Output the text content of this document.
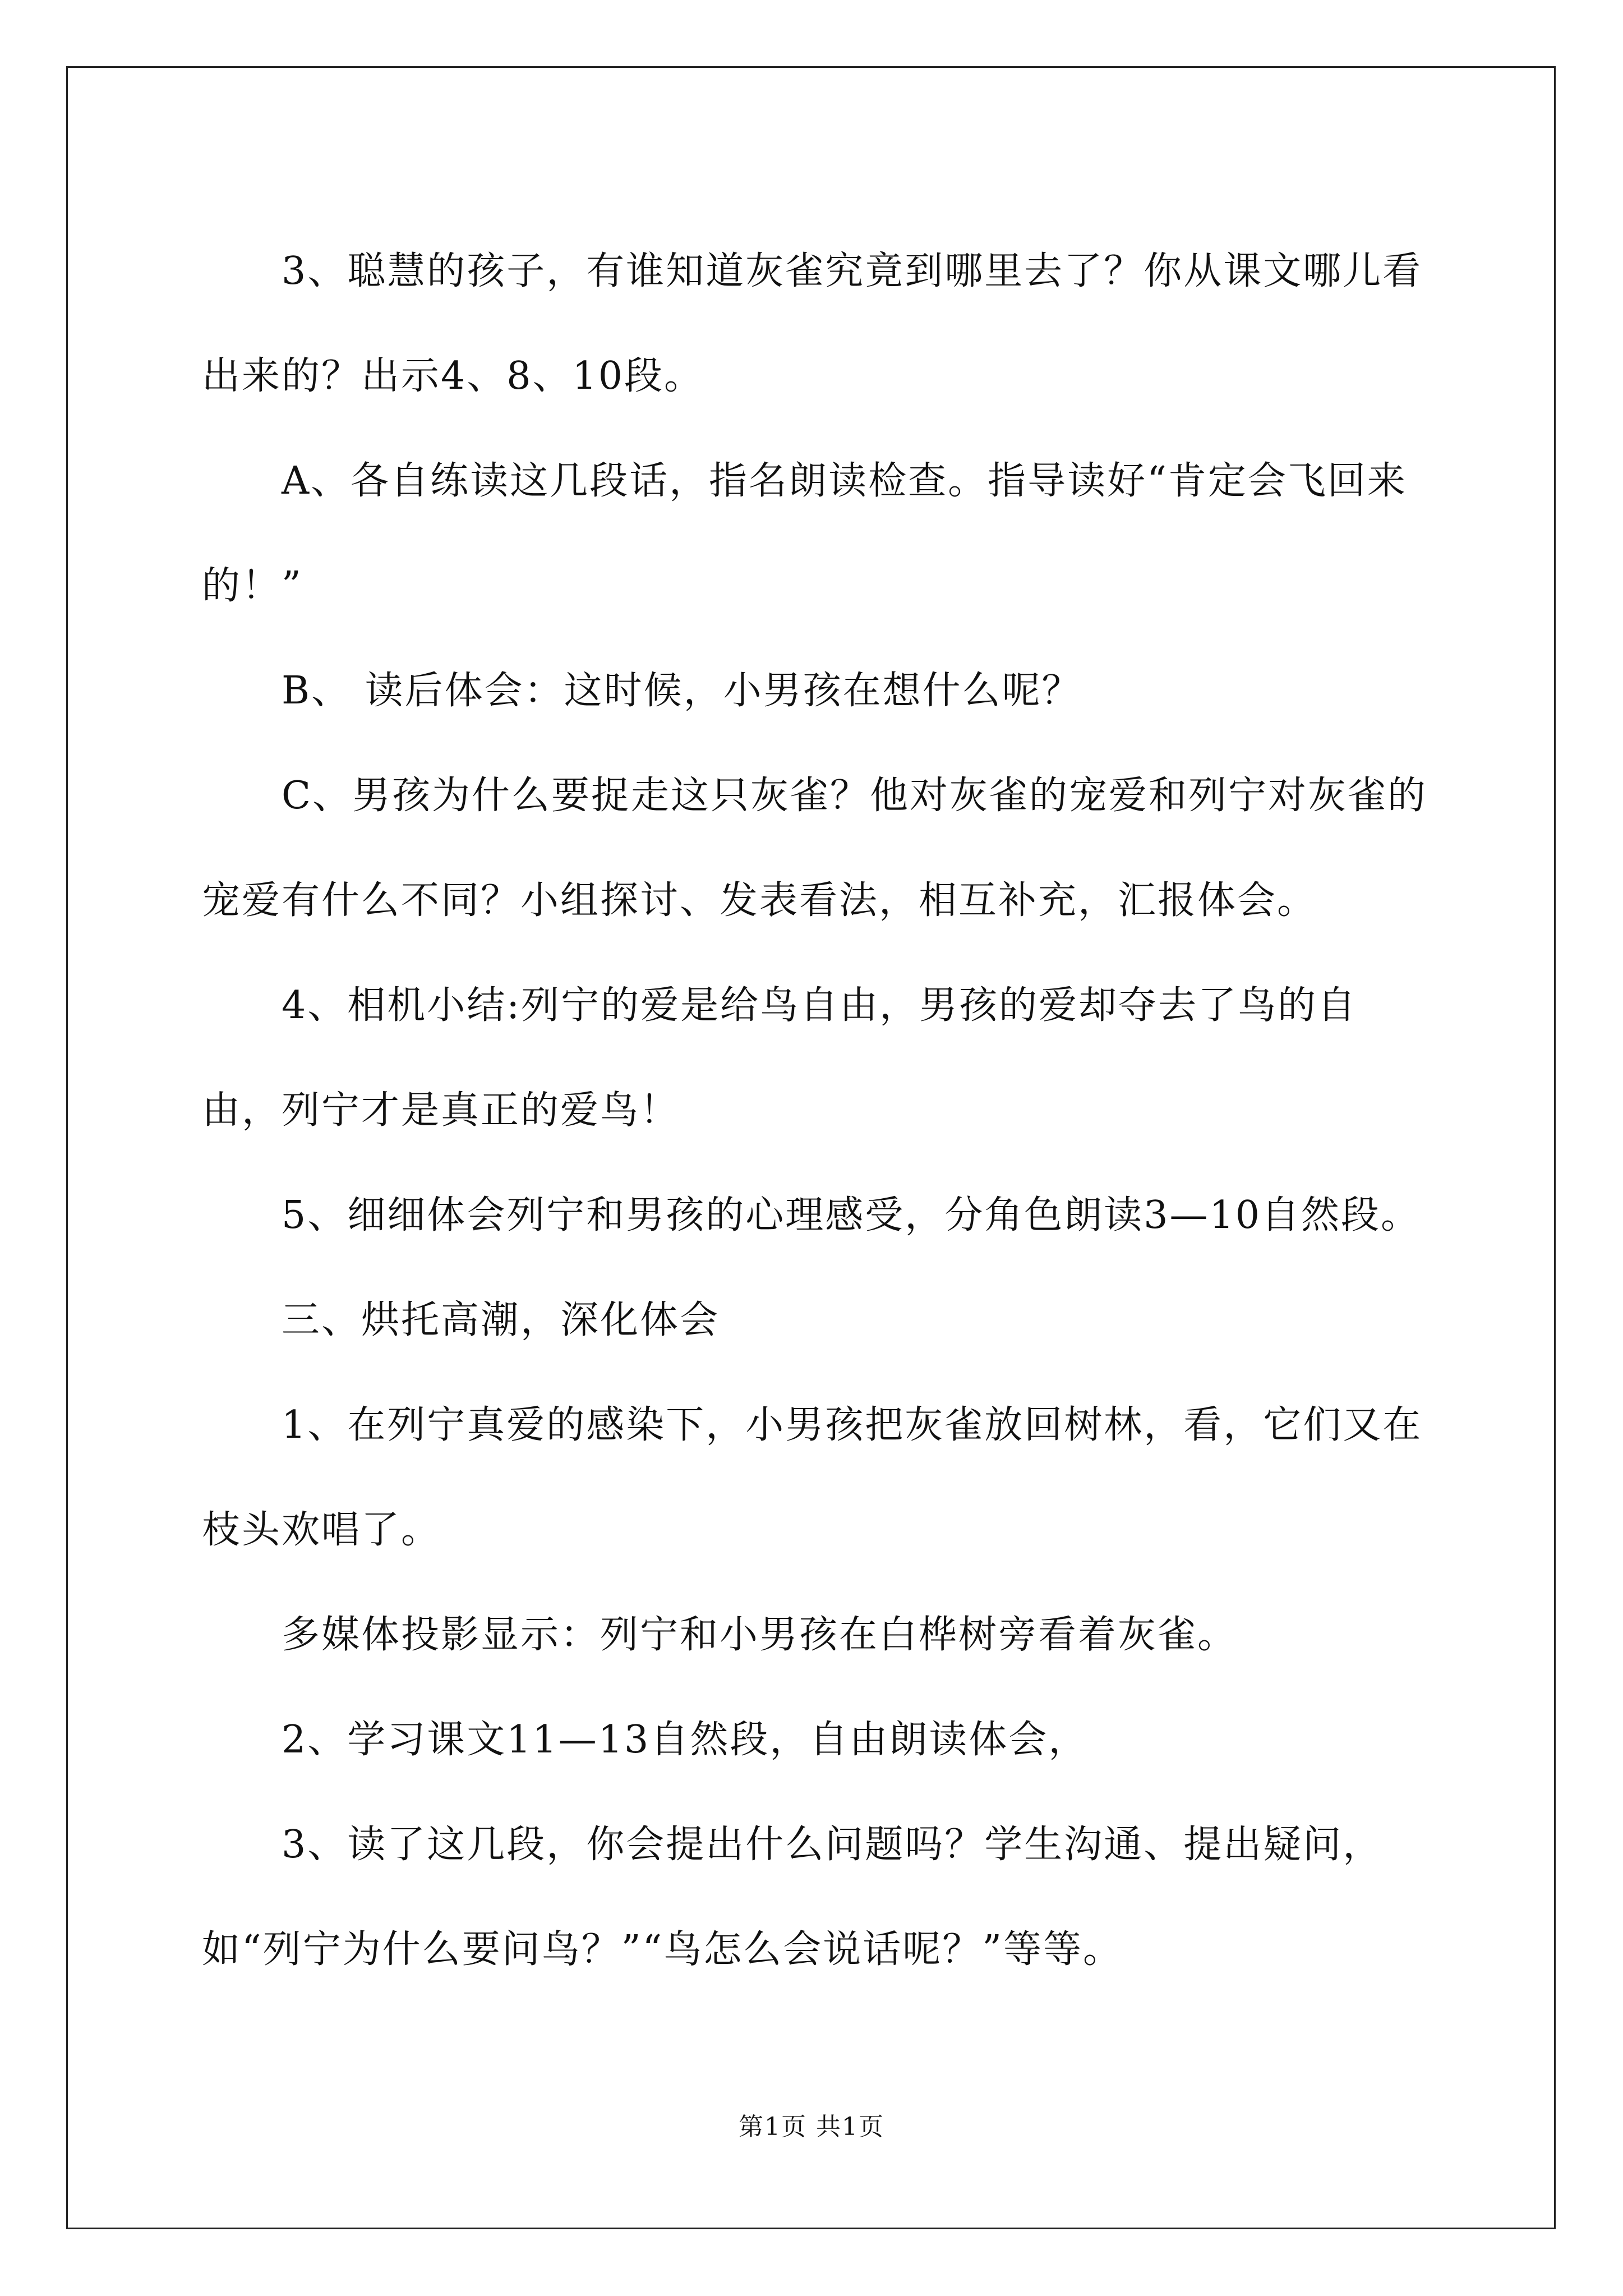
3、聪慧的孩子，有谁知道灰雀究竟到哪里去了？你从课文哪儿看出来的？出示4、8、10段。

A、各自练读这几段话，指名朗读检查。指导读好“肯定会飞回来的！”

B、 读后体会：这时候，小男孩在想什么呢？

C、男孩为什么要捉走这只灰雀？他对灰雀的宠爱和列宁对灰雀的宠爱有什么不同？小组探讨、发表看法，相互补充，汇报体会。

4、相机小结:列宁的爱是给鸟自由，男孩的爱却夺去了鸟的自由，列宁才是真正的爱鸟！

5、细细体会列宁和男孩的心理感受，分角色朗读3—10自然段。

三、烘托高潮，深化体会

1、在列宁真爱的感染下，小男孩把灰雀放回树林，看，它们又在枝头欢唱了。

多媒体投影显示：列宁和小男孩在白桦树旁看着灰雀。

2、学习课文11—13自然段，自由朗读体会，

3、读了这几段，你会提出什么问题吗？学生沟通、提出疑问，如“列宁为什么要问鸟？”“鸟怎么会说话呢？”等等。

第1页 共1页
